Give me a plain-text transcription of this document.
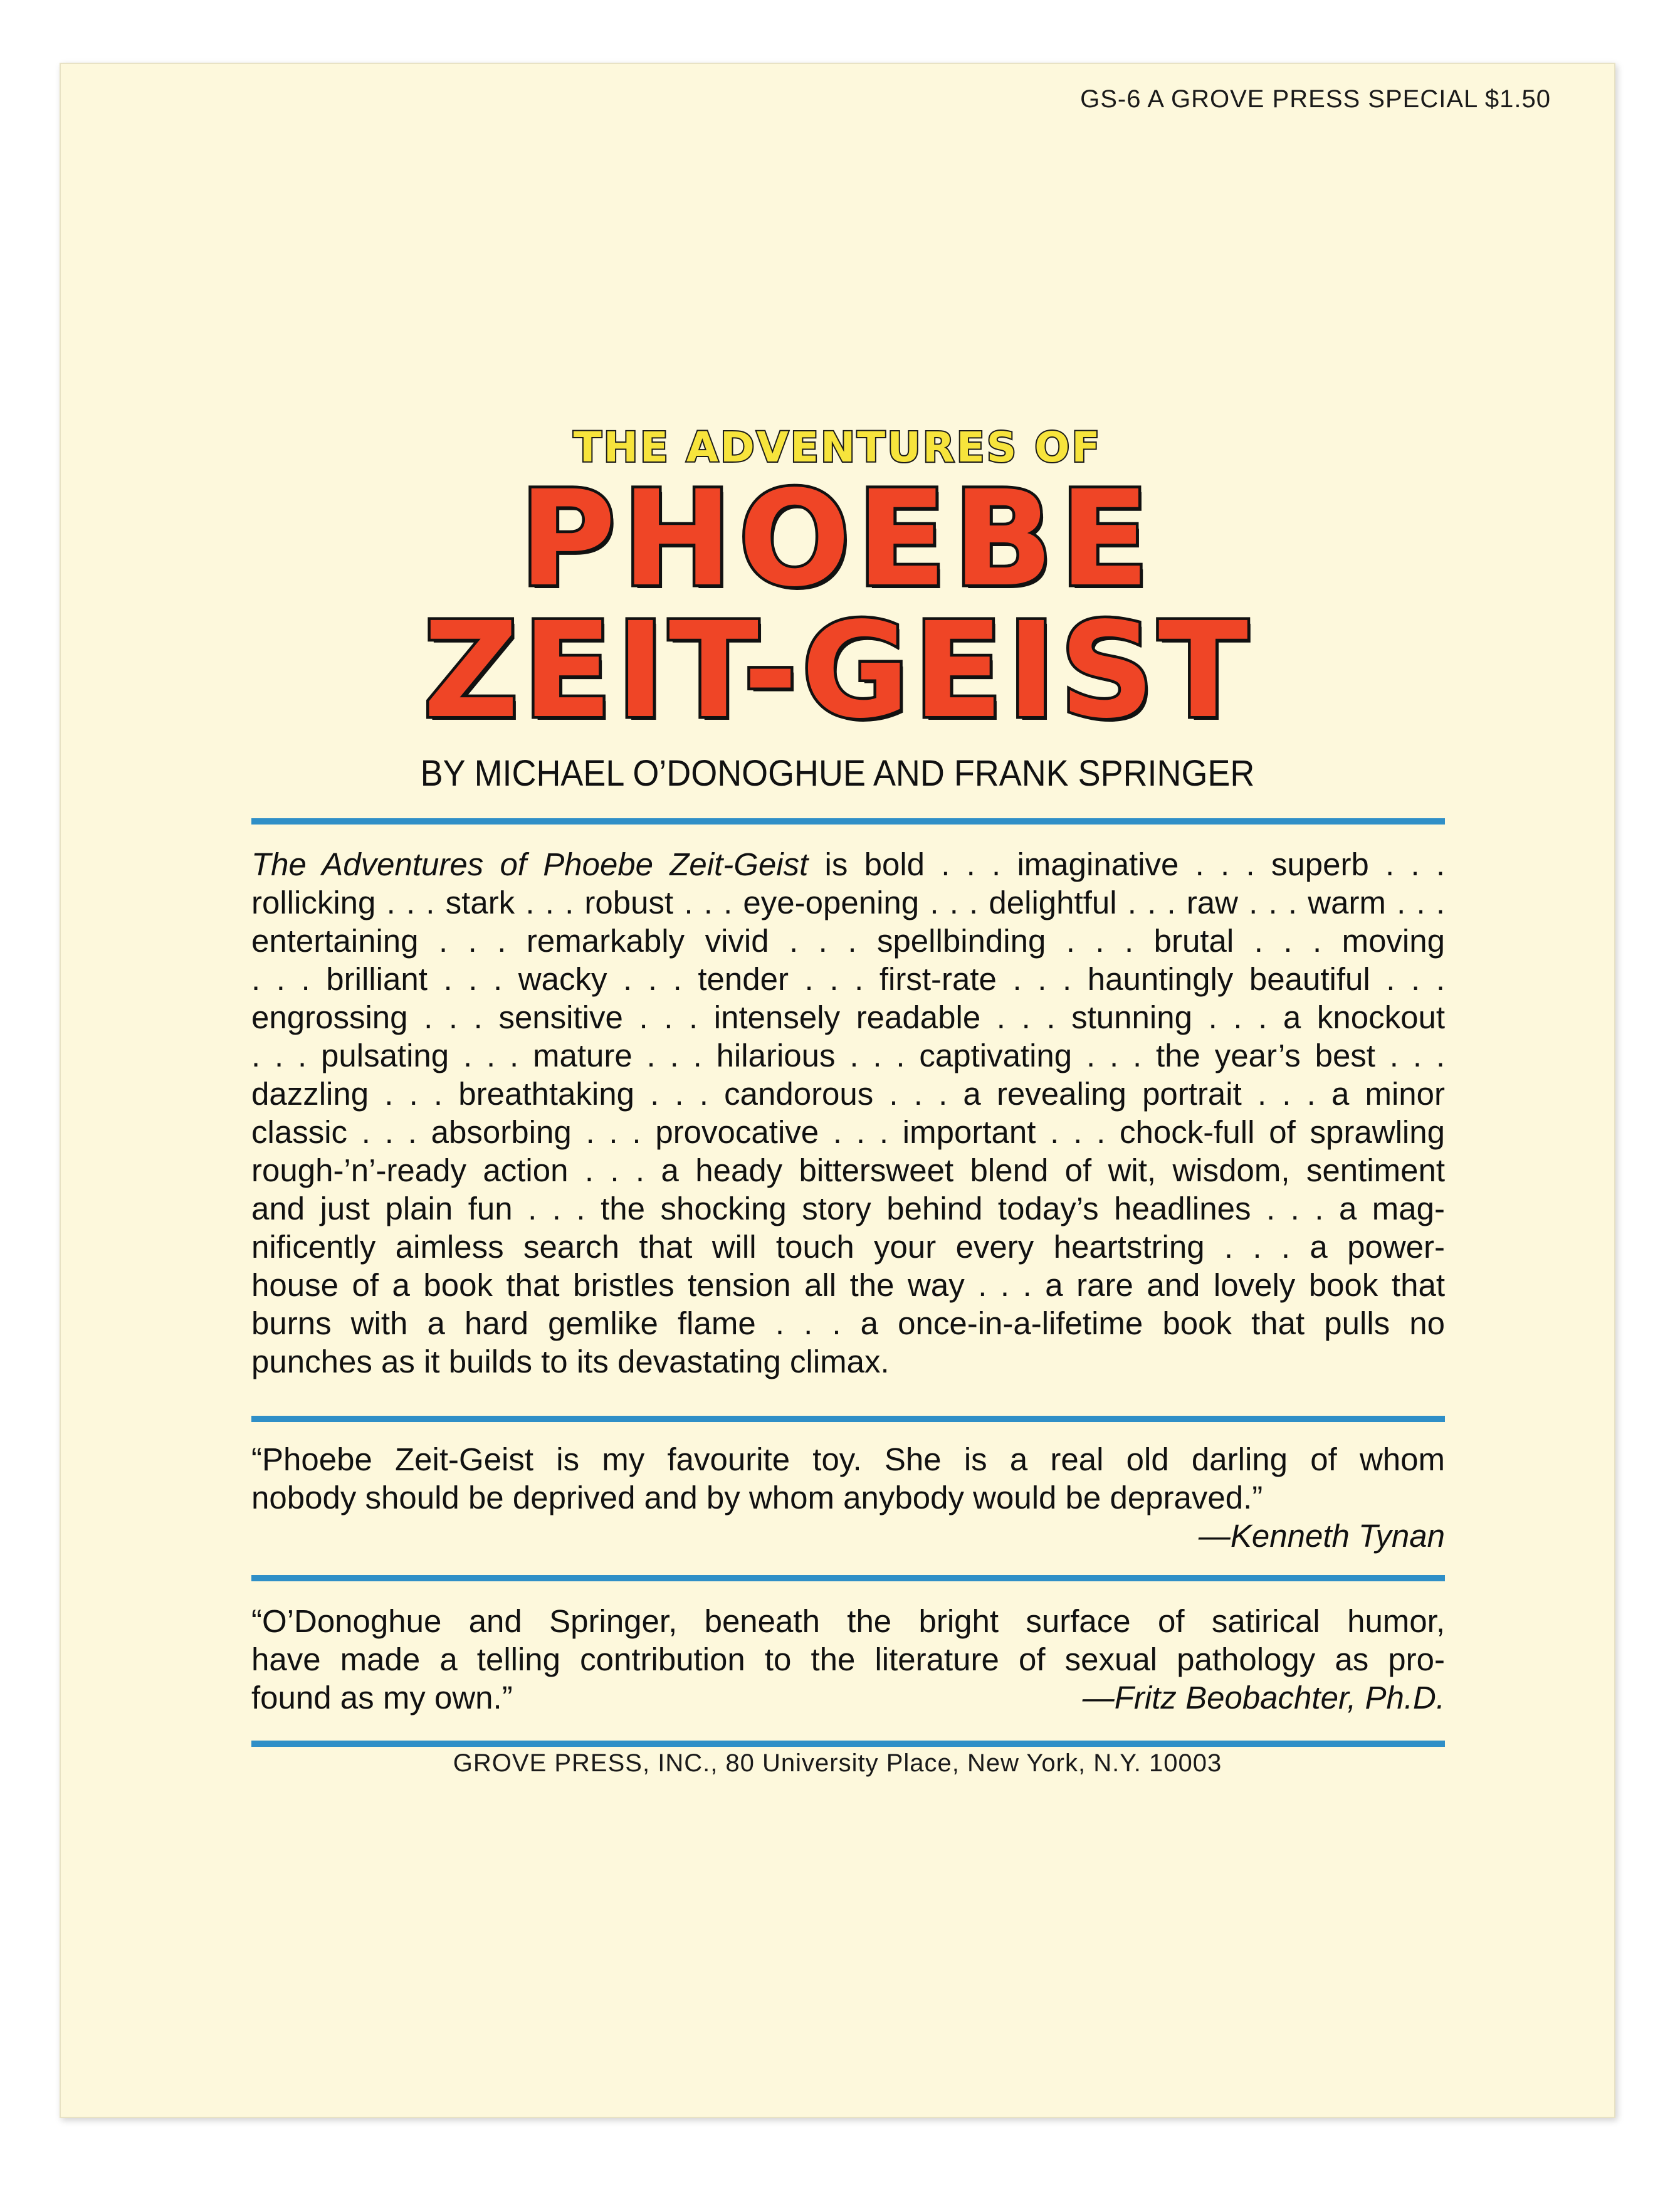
GS-6 A GROVE PRESS SPECIAL $1.50
THE ADVENTURES OF
PHOEBE
ZEIT-GEIST
BY MICHAEL O’DONOGHUE AND FRANK SPRINGER
The Adventures of Phoebe Zeit-Geist is bold . . . imaginative . . . superb . . .
rollicking . . . stark . . . robust . . . eye-opening . . . delightful . . . raw . . . warm . . .
entertaining . . . remarkably vivid . . . spellbinding . . . brutal . . . moving
. . . brilliant . . . wacky . . . tender . . . first-rate . . . hauntingly beautiful . . .
engrossing . . . sensitive . . . intensely readable . . . stunning . . . a knockout
. . . pulsating . . . mature . . . hilarious . . . captivating . . . the year’s best . . .
dazzling . . . breathtaking . . . candorous . . . a revealing portrait . . . a minor
classic . . . absorbing . . . provocative . . . important . . . chock-full of sprawling
rough-’n’-ready action . . . a heady bittersweet blend of wit, wisdom, sentiment
and just plain fun . . . the shocking story behind today’s headlines . . . a mag-
nificently aimless search that will touch your every heartstring . . . a power-
house of a book that bristles tension all the way . . . a rare and lovely book that
burns with a hard gemlike flame . . . a once-in-a-lifetime book that pulls no
punches as it builds to its devastating climax.
“Phoebe Zeit-Geist is my favourite toy. She is a real old darling of whom
nobody should be deprived and by whom anybody would be depraved.”
—Kenneth Tynan
“O’Donoghue and Springer, beneath the bright surface of satirical humor,
have made a telling contribution to the literature of sexual pathology as pro-
found as my own.”	—Fritz Beobachter, Ph.D.
GROVE PRESS, INC., 80 University Place, New York, N.Y. 10003
